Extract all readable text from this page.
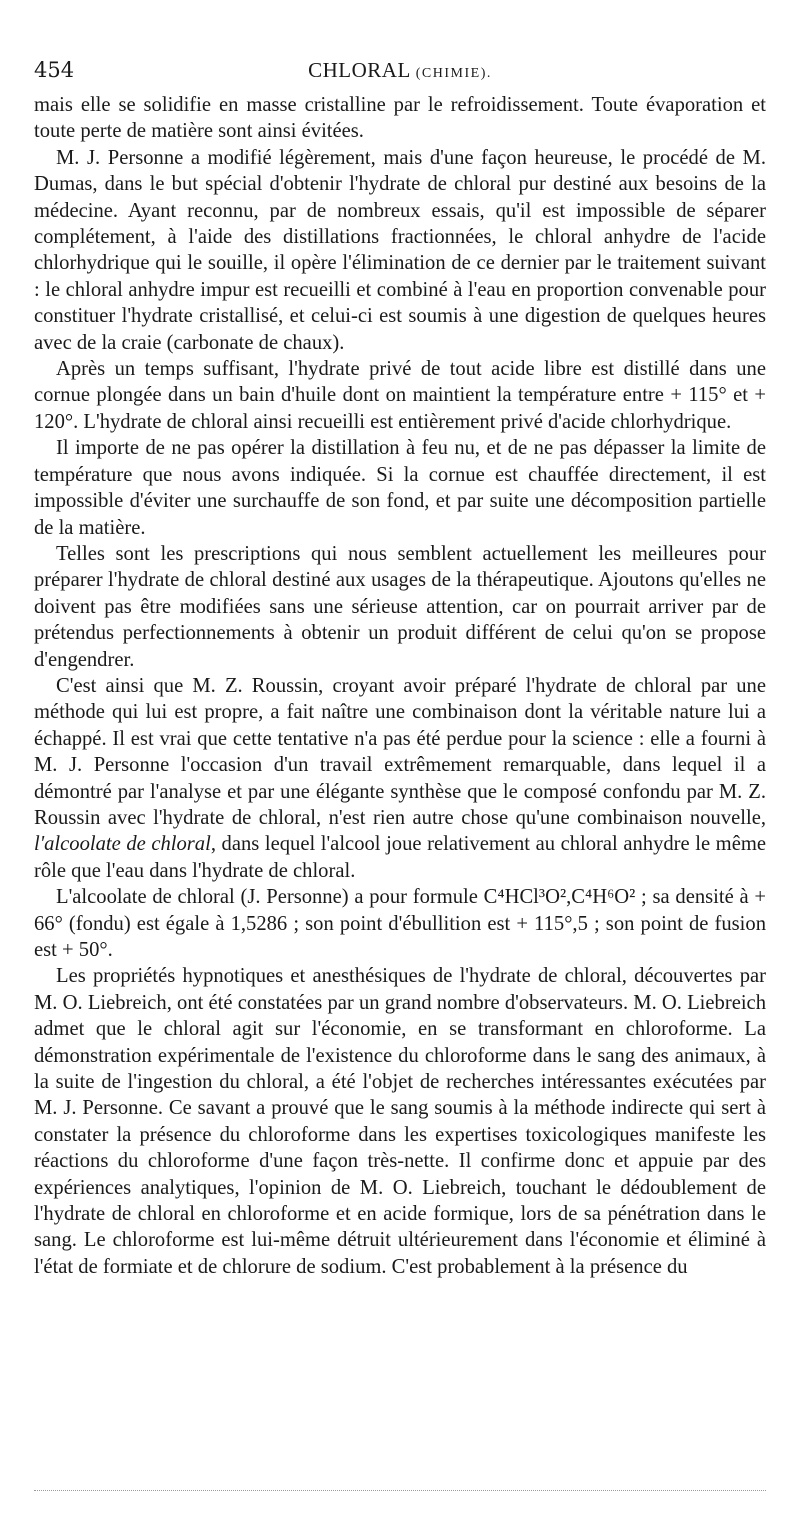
454	CHLORAL (CHIMIE).

mais elle se solidifie en masse cristalline par le refroidissement. Toute évaporation et toute perte de matière sont ainsi évitées.

M. J. Personne a modifié légèrement, mais d'une façon heureuse, le procédé de M. Dumas, dans le but spécial d'obtenir l'hydrate de chloral pur destiné aux besoins de la médecine. Ayant reconnu, par de nombreux essais, qu'il est impossible de séparer complétement, à l'aide des distillations fractionnées, le chloral anhydre de l'acide chlorhydrique qui le souille, il opère l'élimination de ce dernier par le traitement suivant : le chloral anhydre impur est recueilli et combiné à l'eau en proportion convenable pour constituer l'hydrate cristallisé, et celui-ci est soumis à une digestion de quelques heures avec de la craie (carbonate de chaux).

Après un temps suffisant, l'hydrate privé de tout acide libre est distillé dans une cornue plongée dans un bain d'huile dont on maintient la température entre + 115° et + 120°. L'hydrate de chloral ainsi recueilli est entièrement privé d'acide chlorhydrique.

Il importe de ne pas opérer la distillation à feu nu, et de ne pas dépasser la limite de température que nous avons indiquée. Si la cornue est chauffée directement, il est impossible d'éviter une surchauffe de son fond, et par suite une décomposition partielle de la matière.

Telles sont les prescriptions qui nous semblent actuellement les meilleures pour préparer l'hydrate de chloral destiné aux usages de la thérapeutique. Ajoutons qu'elles ne doivent pas être modifiées sans une sérieuse attention, car on pourrait arriver par de prétendus perfectionnements à obtenir un produit différent de celui qu'on se propose d'engendrer.

C'est ainsi que M. Z. Roussin, croyant avoir préparé l'hydrate de chloral par une méthode qui lui est propre, a fait naître une combinaison dont la véritable nature lui a échappé. Il est vrai que cette tentative n'a pas été perdue pour la science : elle a fourni à M. J. Personne l'occasion d'un travail extrêmement remarquable, dans lequel il a démontré par l'analyse et par une élégante synthèse que le composé confondu par M. Z. Roussin avec l'hydrate de chloral, n'est rien autre chose qu'une combinaison nouvelle, l'alcoolate de chloral, dans lequel l'alcool joue relativement au chloral anhydre le même rôle que l'eau dans l'hydrate de chloral.

L'alcoolate de chloral (J. Personne) a pour formule C⁴HCl³O²,C⁴H⁶O² ; sa densité à + 66° (fondu) est égale à 1,5286 ; son point d'ébullition est + 115°,5 ; son point de fusion est + 50°.

Les propriétés hypnotiques et anesthésiques de l'hydrate de chloral, découvertes par M. O. Liebreich, ont été constatées par un grand nombre d'observateurs. M. O. Liebreich admet que le chloral agit sur l'économie, en se transformant en chloroforme. La démonstration expérimentale de l'existence du chloroforme dans le sang des animaux, à la suite de l'ingestion du chloral, a été l'objet de recherches intéressantes exécutées par M. J. Personne. Ce savant a prouvé que le sang soumis à la méthode indirecte qui sert à constater la présence du chloroforme dans les expertises toxicologiques manifeste les réactions du chloroforme d'une façon très-nette. Il confirme donc et appuie par des expériences analytiques, l'opinion de M. O. Liebreich, touchant le dédoublement de l'hydrate de chloral en chloroforme et en acide formique, lors de sa pénétration dans le sang. Le chloroforme est lui-même détruit ultérieurement dans l'économie et éliminé à l'état de formiate et de chlorure de sodium. C'est probablement à la présence du
